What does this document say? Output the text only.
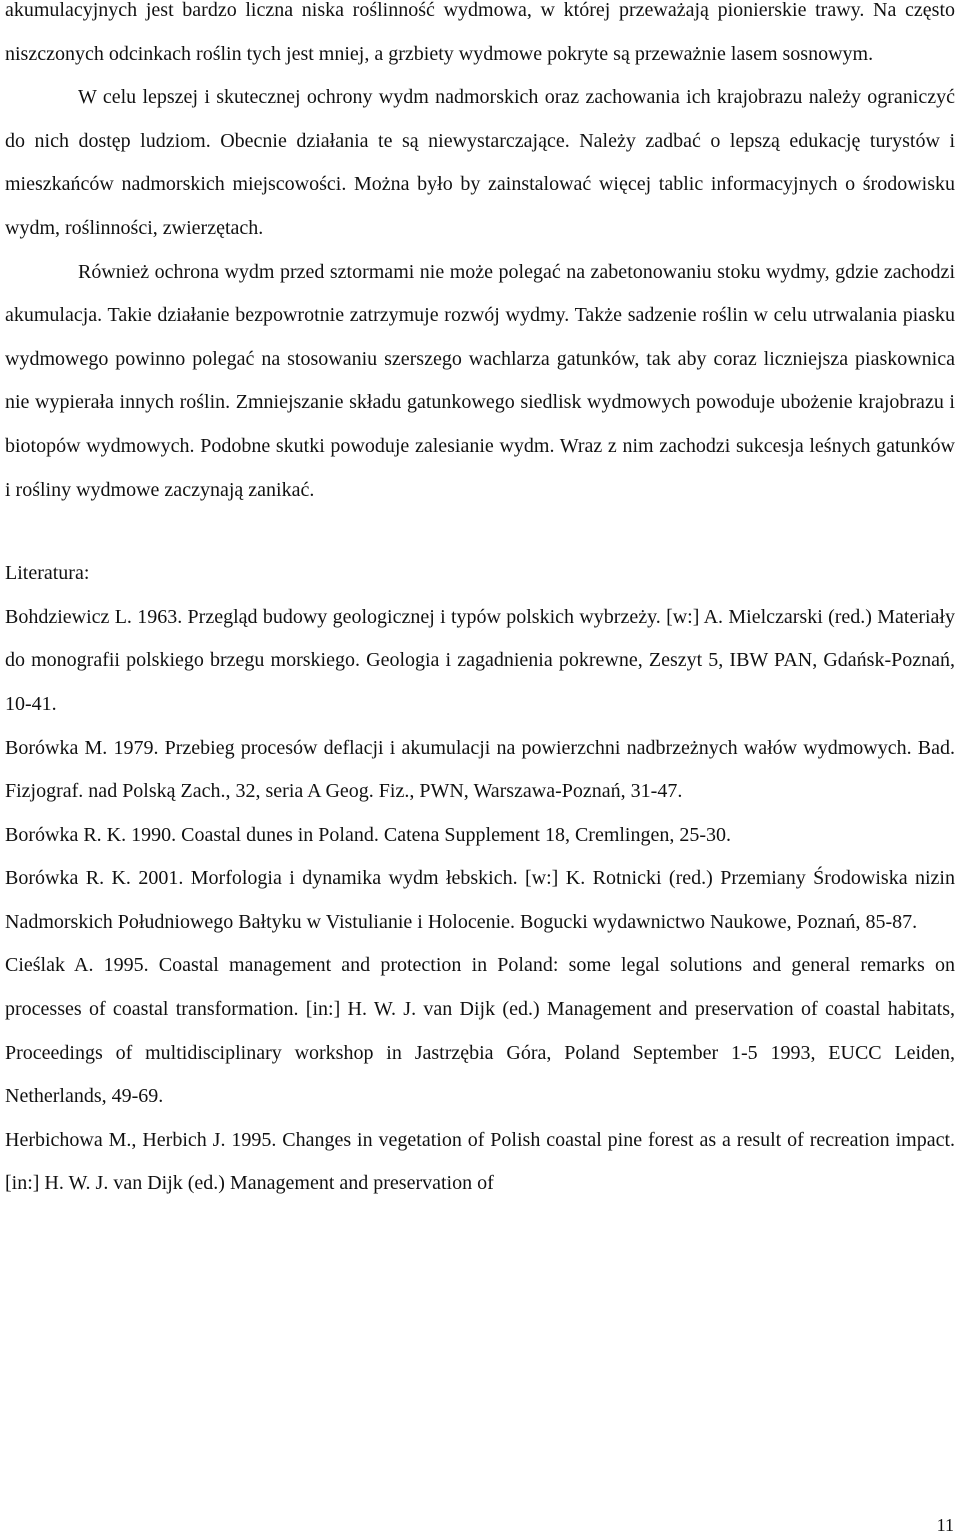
akumulacyjnych jest bardzo liczna niska roślinność wydmowa, w której przeważają pionierskie trawy. Na często niszczonych odcinkach roślin tych jest mniej, a grzbiety wydmowe pokryte są przeważnie lasem sosnowym.

W celu lepszej i skutecznej ochrony wydm nadmorskich oraz zachowania ich krajobrazu należy ograniczyć do nich dostęp ludziom. Obecnie działania te są niewystarczające. Należy zadbać o lepszą edukację turystów i mieszkańców nadmorskich miejscowości. Można było by zainstalować więcej tablic informacyjnych o środowisku wydm, roślinności, zwierzętach.

Również ochrona wydm przed sztormami nie może polegać na zabetonowaniu stoku wydmy, gdzie zachodzi akumulacja. Takie działanie bezpowrotnie zatrzymuje rozwój wydmy. Także sadzenie roślin w celu utrwalania piasku wydmowego powinno polegać na stosowaniu szerszego wachlarza gatunków, tak aby coraz liczniejsza piaskownica nie wypierała innych roślin. Zmniejszanie składu gatunkowego siedlisk wydmowych powoduje ubożenie krajobrazu i biotopów wydmowych. Podobne skutki powoduje zalesianie wydm. Wraz z nim zachodzi sukcesja leśnych gatunków i rośliny wydmowe zaczynają zanikać.

Literatura:

Bohdziewicz L. 1963. Przegląd budowy geologicznej i typów polskich wybrzeży. [w:] A. Mielczarski (red.) Materiały do monografii polskiego brzegu morskiego. Geologia i zagadnienia pokrewne, Zeszyt 5, IBW PAN, Gdańsk-Poznań, 10-41.

Borówka M. 1979. Przebieg procesów deflacji i akumulacji na powierzchni nadbrzeżnych wałów wydmowych. Bad. Fizjograf. nad Polską Zach., 32, seria A Geog. Fiz., PWN, Warszawa-Poznań, 31-47.

Borówka R. K. 1990. Coastal dunes in Poland. Catena Supplement 18, Cremlingen, 25-30.

Borówka R. K. 2001. Morfologia i dynamika wydm łebskich. [w:] K. Rotnicki (red.) Przemiany Środowiska nizin Nadmorskich Południowego Bałtyku w Vistulianie i Holocenie. Bogucki wydawnictwo Naukowe, Poznań, 85-87.

Cieślak A. 1995. Coastal management and protection in Poland: some legal solutions and general remarks on processes of coastal transformation. [in:] H. W. J. van Dijk (ed.) Management and preservation of coastal habitats, Proceedings of multidisciplinary workshop in Jastrzębia Góra, Poland September 1-5 1993, EUCC Leiden, Netherlands, 49-69.

Herbichowa M., Herbich J. 1995. Changes in vegetation of Polish coastal pine forest as a result of recreation impact. [in:] H. W. J. van Dijk (ed.) Management and preservation of

11
